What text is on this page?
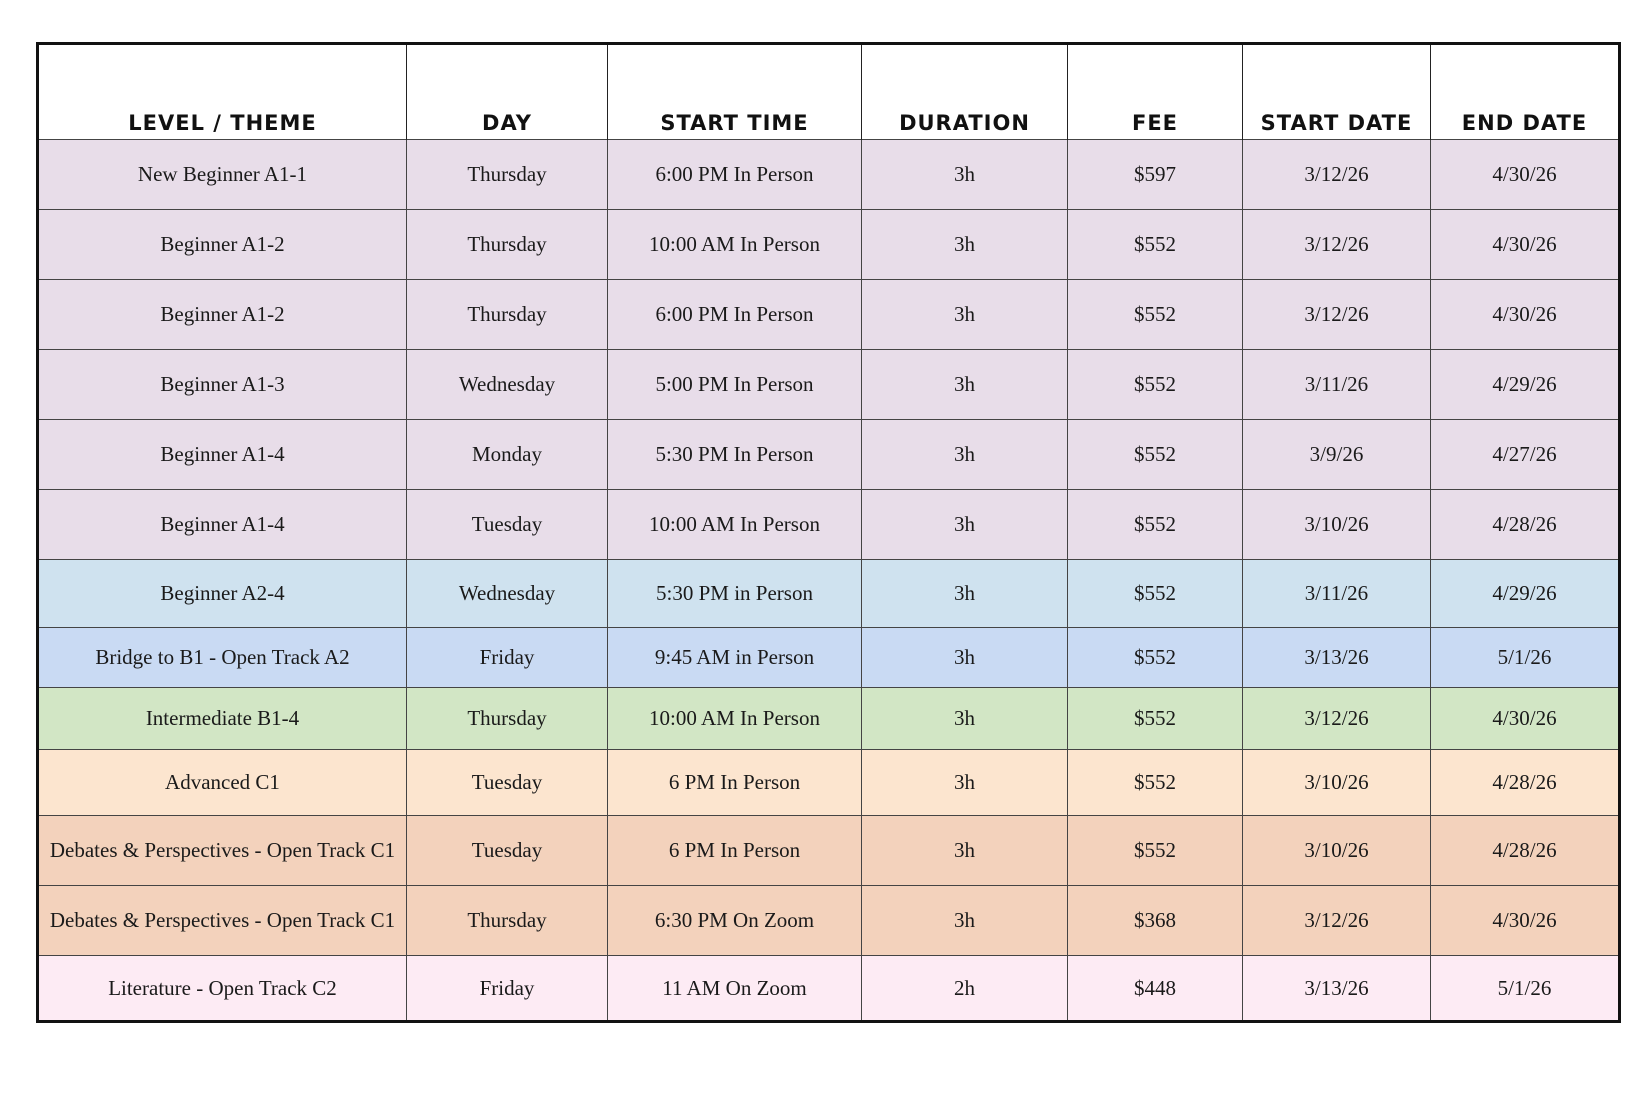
LEVEL / THEME	DAY	START TIME	DURATION	FEE	START DATE	END DATE
New Beginner A1-1	Thursday	6:00 PM In Person	3h	$597	3/12/26	4/30/26
Beginner A1-2	Thursday	10:00 AM In Person	3h	$552	3/12/26	4/30/26
Beginner A1-2	Thursday	6:00 PM In Person	3h	$552	3/12/26	4/30/26
Beginner A1-3	Wednesday	5:00 PM In Person	3h	$552	3/11/26	4/29/26
Beginner A1-4	Monday	5:30 PM In Person	3h	$552	3/9/26	4/27/26
Beginner A1-4	Tuesday	10:00 AM In Person	3h	$552	3/10/26	4/28/26
Beginner A2-4	Wednesday	5:30 PM in Person	3h	$552	3/11/26	4/29/26
Bridge to B1 - Open Track A2	Friday	9:45 AM in Person	3h	$552	3/13/26	5/1/26
Intermediate B1-4	Thursday	10:00 AM In Person	3h	$552	3/12/26	4/30/26
Advanced C1	Tuesday	6 PM In Person	3h	$552	3/10/26	4/28/26
Debates & Perspectives - Open Track C1	Tuesday	6 PM In Person	3h	$552	3/10/26	4/28/26
Debates & Perspectives - Open Track C1	Thursday	6:30 PM On Zoom	3h	$368	3/12/26	4/30/26
Literature - Open Track C2	Friday	11 AM On Zoom	2h	$448	3/13/26	5/1/26
